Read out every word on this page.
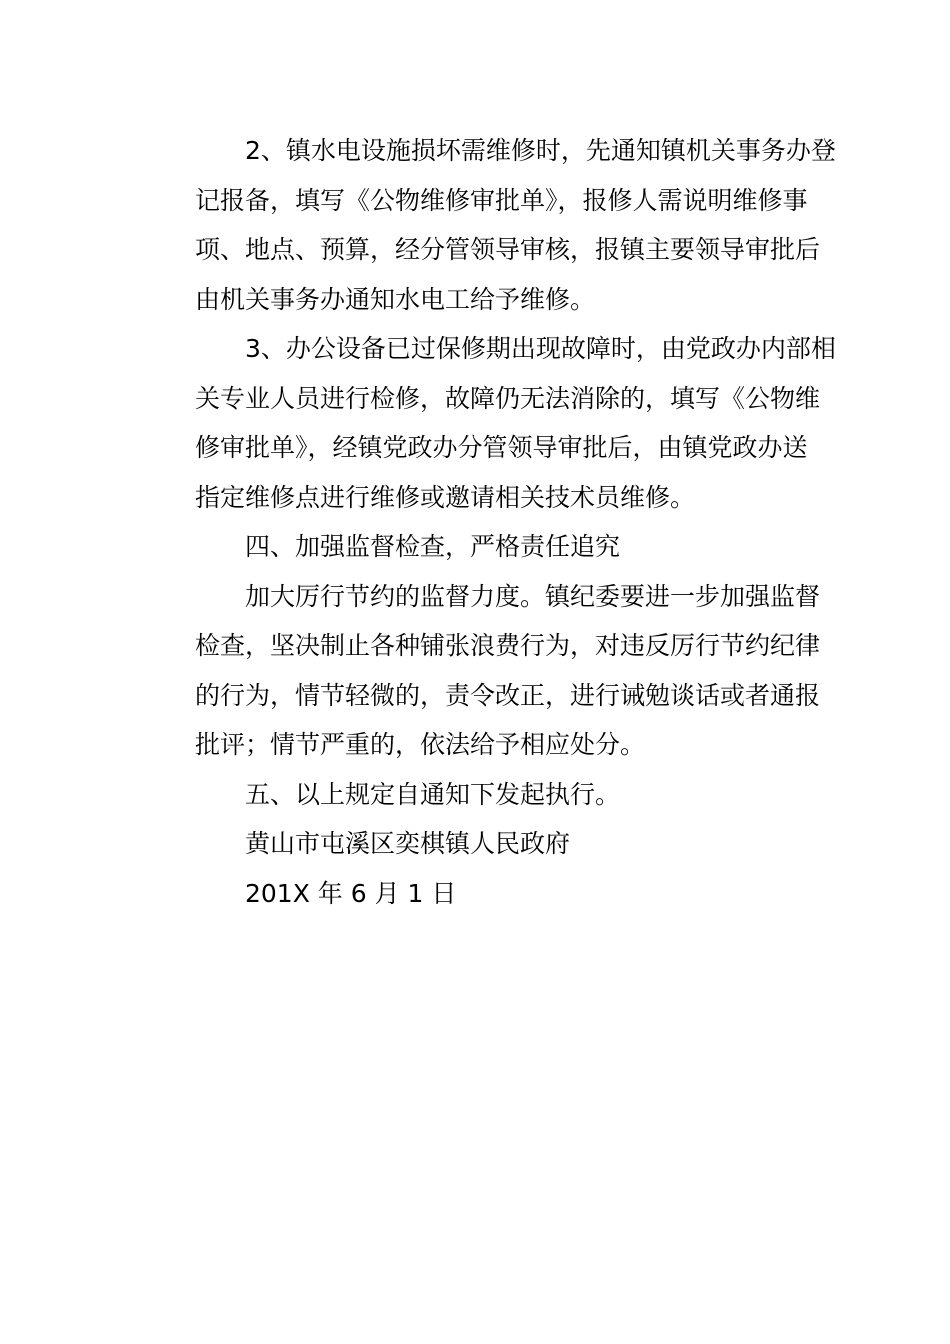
2、镇水电设施损坏需维修时，先通知镇机关事务办登
记报备，填写《公物维修审批单》，报修人需说明维修事
项、地点、预算，经分管领导审核，报镇主要领导审批后
由机关事务办通知水电工给予维修。
3、办公设备已过保修期出现故障时，由党政办内部相
关专业人员进行检修，故障仍无法消除的，填写《公物维
修审批单》，经镇党政办分管领导审批后，由镇党政办送
指定维修点进行维修或邀请相关技术员维修。
四、加强监督检查，严格责任追究
加大厉行节约的监督力度。镇纪委要进一步加强监督
检查，坚决制止各种铺张浪费行为，对违反厉行节约纪律
的行为，情节轻微的，责令改正，进行诫勉谈话或者通报
批评；情节严重的，依法给予相应处分。
五、以上规定自通知下发起执行。
黄山市屯溪区奕棋镇人民政府
201X 年 6 月 1 日
